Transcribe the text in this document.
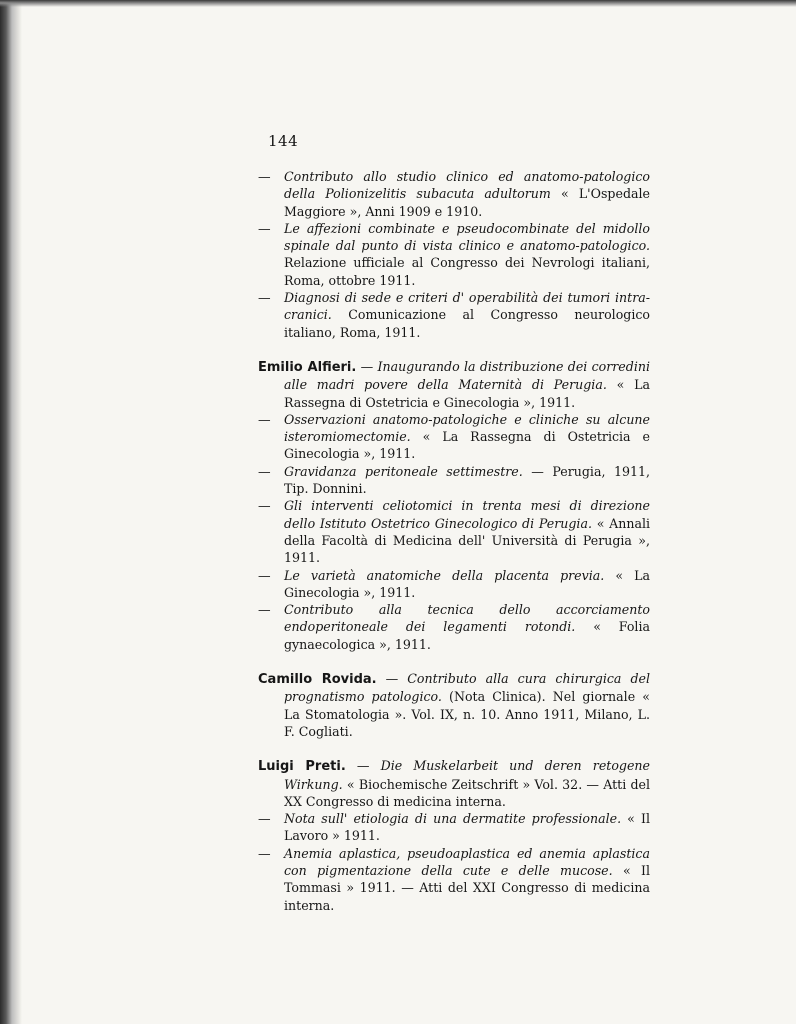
144

— Contributo allo studio clinico ed anatomo-patologico della Polionizelitis subacuta adultorum « L'Ospedale Maggiore », Anni 1909 e 1910.

— Le affezioni combinate e pseudocombinate del midollo spinale dal punto di vista clinico e anatomo-patologico. Relazione ufficiale al Congresso dei Nevrologi italiani, Roma, ottobre 1911.

— Diagnosi di sede e criteri d' operabilità dei tumori intra-cranici. Comunicazione al Congresso neurologico italiano, Roma, 1911.

Emilio Alfieri. — Inaugurando la distribuzione dei corredini alle madri povere della Maternità di Perugia. « La Rassegna di Ostetricia e Ginecologia », 1911.

— Osservazioni anatomo-patologiche e cliniche su alcune isteromiomectomie. « La Rassegna di Ostetricia e Ginecologia », 1911.

— Gravidanza peritoneale settimestre. — Perugia, 1911, Tip. Donnini.

— Gli interventi celiotomici in trenta mesi di direzione dello Istituto Ostetrico Ginecologico di Perugia. « Annali della Facoltà di Medicina dell' Università di Perugia », 1911.

— Le varietà anatomiche della placenta previa. « La Ginecologia », 1911.

— Contributo alla tecnica dello accorciamento endoperitoneale dei legamenti rotondi. « Folia gynaecologica », 1911.

Camillo Rovida. — Contributo alla cura chirurgica del prognatismo patologico. (Nota Clinica). Nel giornale « La Stomatologia ». Vol. IX, n. 10. Anno 1911, Milano, L. F. Cogliati.

Luigi Preti. — Die Muskelarbeit und deren retogene Wirkung. « Biochemische Zeitschrift » Vol. 32. — Atti del XX Congresso di medicina interna.

— Nota sull' etiologia di una dermatite professionale. « Il Lavoro » 1911.

— Anemia aplastica, pseudoaplastica ed anemia aplastica con pigmentazione della cute e delle mucose. « Il Tommasi » 1911. — Atti del XXI Congresso di medicina interna.
